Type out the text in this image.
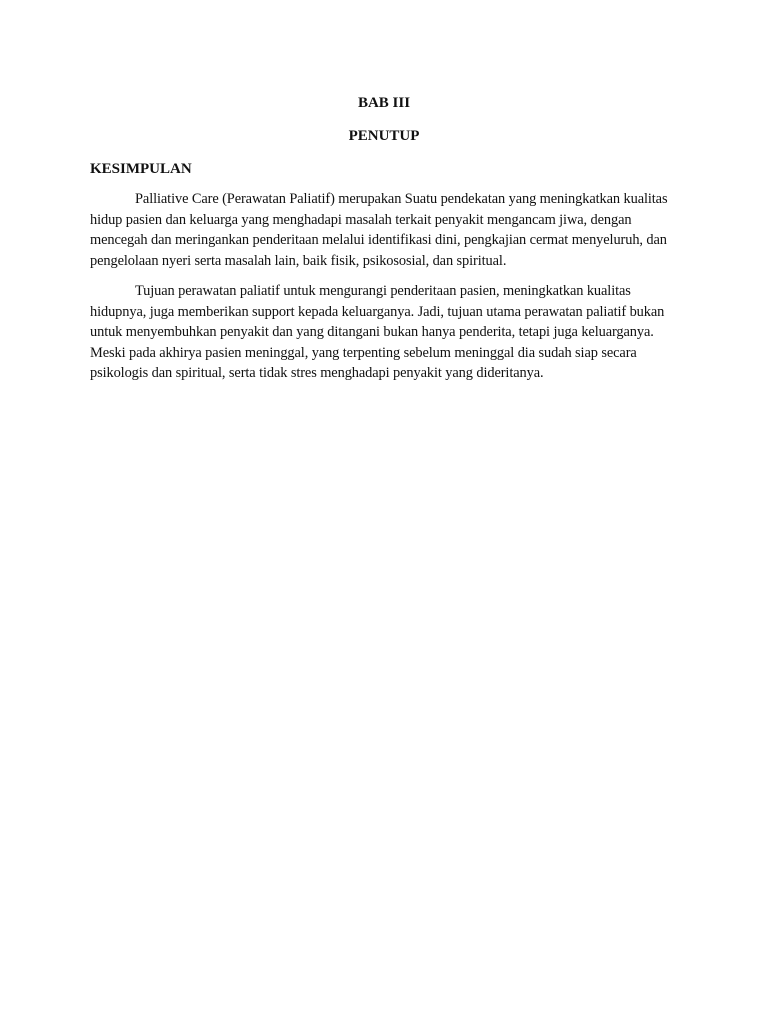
BAB III

PENUTUP

KESIMPULAN

Palliative Care (Perawatan Paliatif) merupakan Suatu pendekatan yang meningkatkan kualitas hidup pasien dan keluarga yang menghadapi masalah terkait penyakit mengancam jiwa, dengan mencegah dan meringankan penderitaan melalui identifikasi dini, pengkajian cermat menyeluruh, dan pengelolaan nyeri serta masalah lain, baik fisik, psikososial, dan spiritual.

Tujuan perawatan paliatif untuk mengurangi penderitaan pasien, meningkatkan kualitas hidupnya, juga memberikan support kepada keluarganya. Jadi, tujuan utama perawatan paliatif bukan untuk menyembuhkan penyakit dan yang ditangani bukan hanya penderita, tetapi juga keluarganya. Meski pada akhirya pasien meninggal, yang terpenting sebelum meninggal dia sudah siap secara psikologis dan spiritual, serta tidak stres menghadapi penyakit yang dideritanya.
